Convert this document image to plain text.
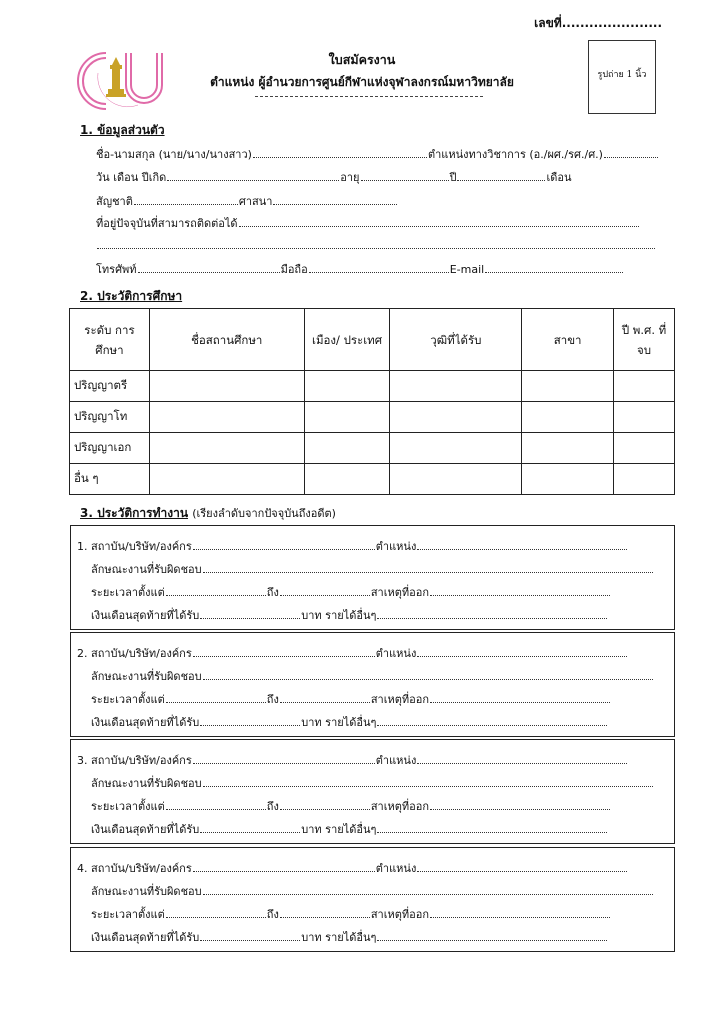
เลขที่......................
รูปถ่าย 1 นิ้ว
ใบสมัครงาน
ตำแหน่ง ผู้อำนวยการศูนย์กีฬาแห่งจุฬาลงกรณ์มหาวิทยาลัย
1. ข้อมูลส่วนตัว
ชื่อ-นามสกุล (นาย/นาง/นางสาว)	ตำแหน่งทางวิชาการ (อ./ผศ./รศ./ศ.)
วัน เดือน ปีเกิด	อายุ	ปี	เดือน
สัญชาติ	ศาสนา
ที่อยู่ปัจจุบันที่สามารถติดต่อได้
โทรศัพท์	มือถือ	E-mail
2. ประวัติการศึกษา
ระดับ การศึกษา	ชื่อสถานศึกษา	เมือง/ ประเทศ	วุฒิที่ได้รับ	สาขา	ปี พ.ศ. ที่จบ
ปริญญาตรี					
ปริญญาโท					
ปริญญาเอก					
อื่น ๆ					
3. ประวัติการทำงาน (เรียงลำดับจากปัจจุบันถึงอดีต)
1. สถาบัน/บริษัท/องค์กร	ตำแหน่ง
ลักษณะงานที่รับผิดชอบ
ระยะเวลาตั้งแต่	ถึง	สาเหตุที่ออก
เงินเดือนสุดท้ายที่ได้รับ	บาท รายได้อื่นๆ
2. สถาบัน/บริษัท/องค์กร	ตำแหน่ง
ลักษณะงานที่รับผิดชอบ
ระยะเวลาตั้งแต่	ถึง	สาเหตุที่ออก
เงินเดือนสุดท้ายที่ได้รับ	บาท รายได้อื่นๆ
3. สถาบัน/บริษัท/องค์กร	ตำแหน่ง
ลักษณะงานที่รับผิดชอบ
ระยะเวลาตั้งแต่	ถึง	สาเหตุที่ออก
เงินเดือนสุดท้ายที่ได้รับ	บาท รายได้อื่นๆ
4. สถาบัน/บริษัท/องค์กร	ตำแหน่ง
ลักษณะงานที่รับผิดชอบ
ระยะเวลาตั้งแต่	ถึง	สาเหตุที่ออก
เงินเดือนสุดท้ายที่ได้รับ	บาท รายได้อื่นๆ
